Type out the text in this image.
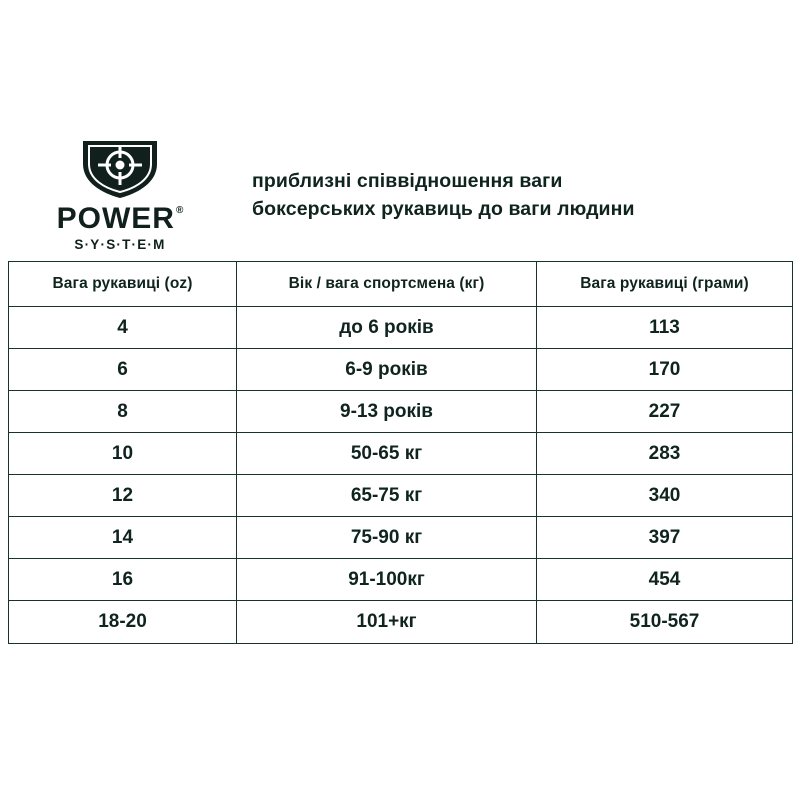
POWER®
S·Y·S·T·E·M
приблизні співвідношення ваги
боксерських рукавиць до ваги людини
Вага рукавиці (oz)	Вік / вага спортсмена (кг)	Вага рукавиці (грами)
4	до 6 років	113
6	6-9 років	170
8	9-13 років	227
10	50-65 кг	283
12	65-75 кг	340
14	75-90 кг	397
16	91-100кг	454
18-20	101+кг	510-567
